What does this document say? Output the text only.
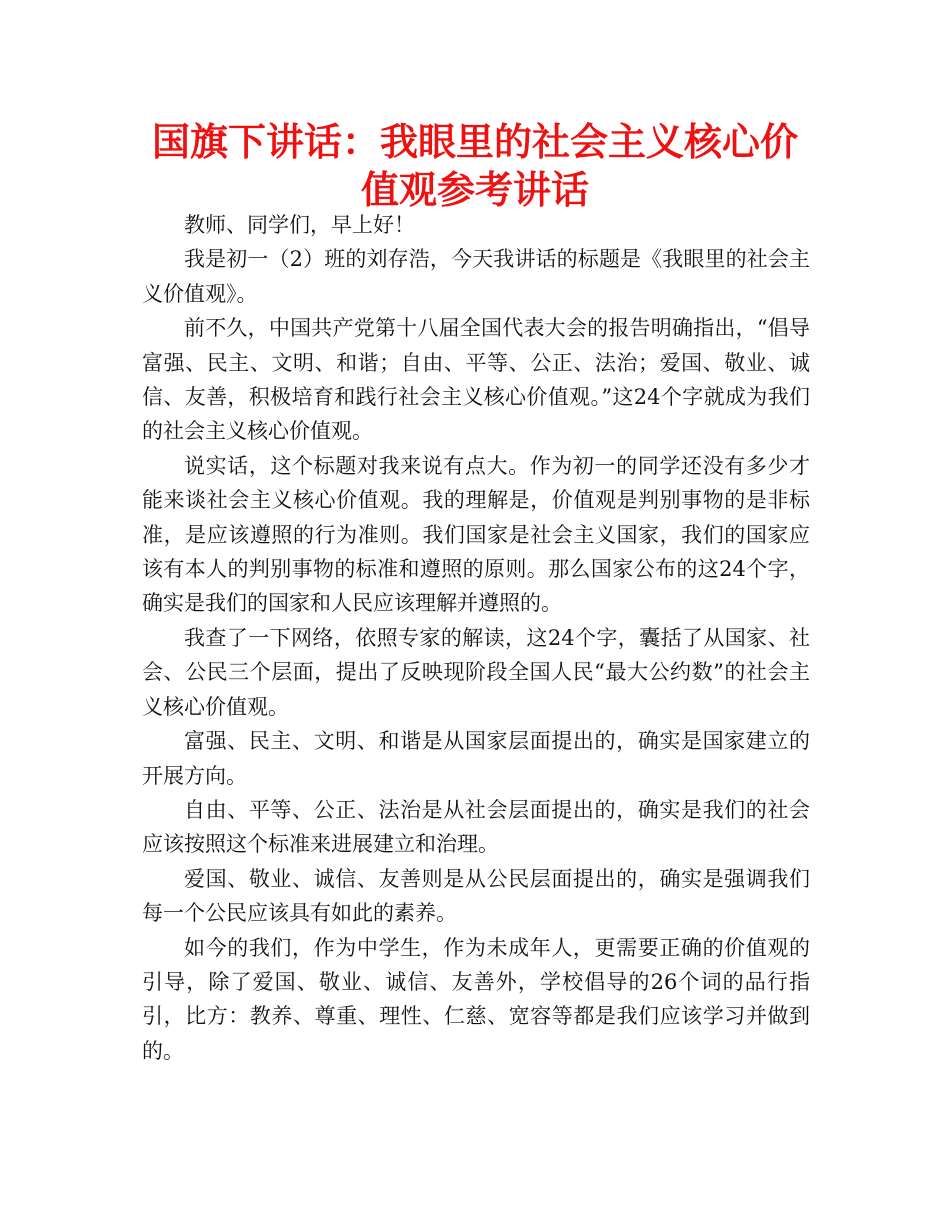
国旗下讲话：我眼里的社会主义核心价值观参考讲话

教师、同学们，早上好！

我是初一（2）班的刘存浩，今天我讲话的标题是《我眼里的社会主义价值观》。

前不久，中国共产党第十八届全国代表大会的报告明确指出，“倡导富强、民主、文明、和谐；自由、平等、公正、法治；爱国、敬业、诚信、友善，积极培育和践行社会主义核心价值观。”这24个字就成为我们的社会主义核心价值观。

说实话，这个标题对我来说有点大。作为初一的同学还没有多少才能来谈社会主义核心价值观。我的理解是，价值观是判别事物的是非标准，是应该遵照的行为准则。我们国家是社会主义国家，我们的国家应该有本人的判别事物的标准和遵照的原则。那么国家公布的这24个字，确实是我们的国家和人民应该理解并遵照的。

我查了一下网络，依照专家的解读，这24个字，囊括了从国家、社会、公民三个层面，提出了反映现阶段全国人民“最大公约数”的社会主义核心价值观。

富强、民主、文明、和谐是从国家层面提出的，确实是国家建立的开展方向。

自由、平等、公正、法治是从社会层面提出的，确实是我们的社会应该按照这个标准来进展建立和治理。

爱国、敬业、诚信、友善则是从公民层面提出的，确实是强调我们每一个公民应该具有如此的素养。

如今的我们，作为中学生，作为未成年人，更需要正确的价值观的引导，除了爱国、敬业、诚信、友善外，学校倡导的26个词的品行指引，比方：教养、尊重、理性、仁慈、宽容等都是我们应该学习并做到的。
